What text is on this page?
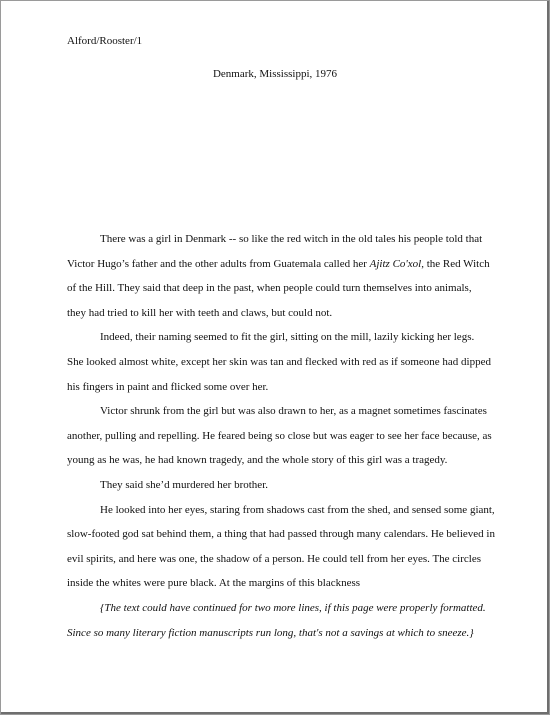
Alford/Rooster/1
Denmark, Mississippi, 1976
There was a girl in Denmark -- so like the red witch in the old tales his people told that
Victor Hugo’s father and the other adults from Guatemala called her Ajitz Co'xol, the Red Witch
of the Hill. They said that deep in the past, when people could turn themselves into animals,
they had tried to kill her with teeth and claws, but could not.
Indeed, their naming seemed to fit the girl, sitting on the mill, lazily kicking her legs.
She looked almost white, except her skin was tan and flecked with red as if someone had dipped
his fingers in paint and flicked some over her.
Victor shrunk from the girl but was also drawn to her, as a magnet sometimes fascinates
another, pulling and repelling. He feared being so close but was eager to see her face because, as
young as he was, he had known tragedy, and the whole story of this girl was a tragedy.
They said she’d murdered her brother.
He looked into her eyes, staring from shadows cast from the shed, and sensed some giant,
slow-footed god sat behind them, a thing that had passed through many calendars. He believed in
evil spirits, and here was one, the shadow of a person. He could tell from her eyes. The circles
inside the whites were pure black. At the margins of this blackness
{The text could have continued for two more lines, if this page were properly formatted.
Since so many literary fiction manuscripts run long, that's not a savings at which to sneeze.}
